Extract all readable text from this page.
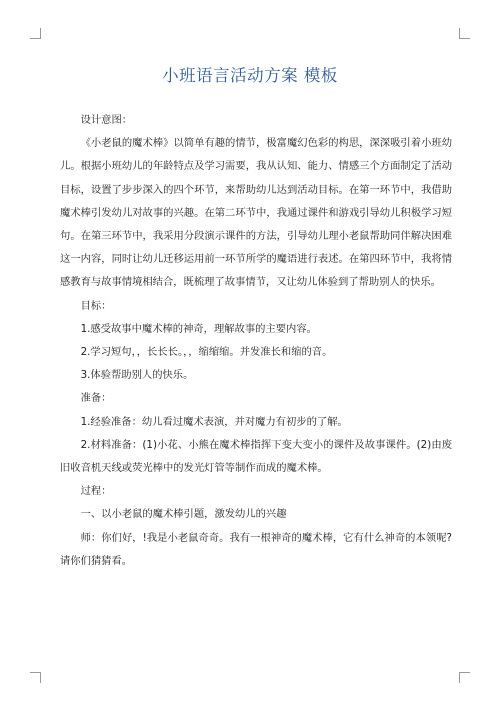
小班语言活动方案 模板

设计意图：

《小老鼠的魔术棒》以简单有趣的情节，极富魔幻色彩的构思，深深吸引着小班幼儿。根据小班幼儿的年龄特点及学习需要，我从认知、能力、情感三个方面制定了活动目标，设置了步步深入的四个环节，来帮助幼儿达到活动目标。在第一环节中，我借助魔术棒引发幼儿对故事的兴趣。在第二环节中，我通过课件和游戏引导幼儿积极学习短句。在第三环节中，我采用分段演示课件的方法，引导幼儿理小老鼠帮助同伴解决困难这一内容，同时让幼儿迁移运用前一环节所学的魔语进行表述。在第四环节中，我将情感教育与故事情境相结合，既梳理了故事情节，又让幼儿体验到了帮助别人的快乐。

目标：

1.感受故事中魔术棒的神奇，理解故事的主要内容。

2.学习短句，，长长长。，，缩缩缩。并发准长和缩的音。

3.体验帮助别人的快乐。

准备：

1.经验准备：幼儿看过魔术表演，并对魔力有初步的了解。

2.材料准备：(1)小花、小熊在魔术棒指挥下变大变小的课件及故事课件。(2)由废旧收音机天线或荧光棒中的发光灯管等制作而成的魔术棒。

过程：

一、以小老鼠的魔术棒引题，激发幼儿的兴趣

师：你们好，!我是小老鼠奇奇。我有一根神奇的魔术棒，它有什么神奇的本领呢?请你们猜猜看。
